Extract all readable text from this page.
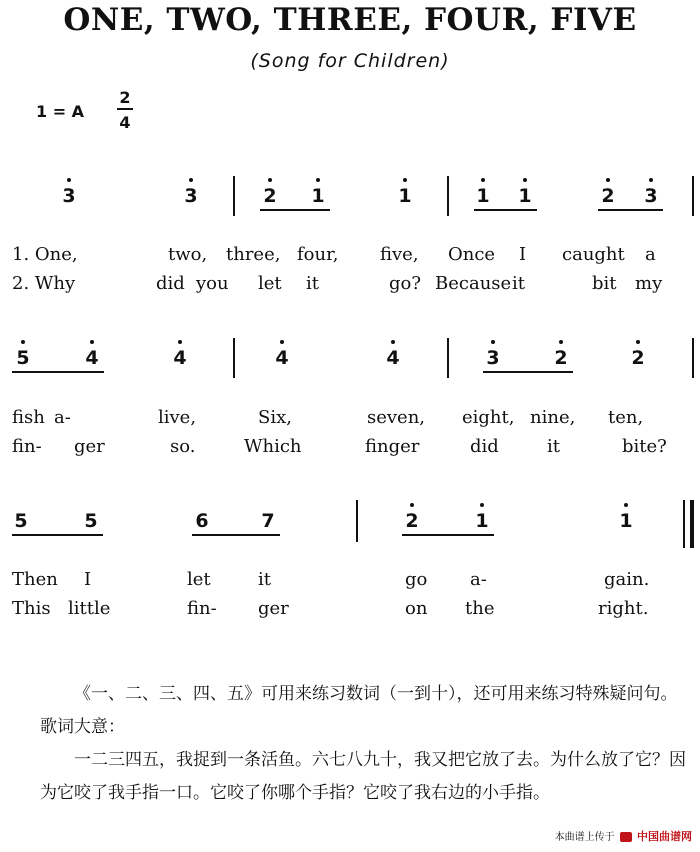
ONE, TWO, THREE, FOUR, FIVE
(Song for Children)
1 = A
2
4
3	3	2 1	1	1 1	2 3
1. One,	two, three, four, five, Once I caught a
2. Why	did you let it	go? Because it	bit my
5	4	4	4	4	3	2	2
fish a-	live,	Six,	seven, eight, nine, ten,
fin- ger	so.	Which	finger	did	it	bite?
5	5	6	7	2	1	1
Then I	let	it	go a-	gain.
This little	fin- ger	on the	right.
《一、二、三、四、五》可用来练习数词（一到十），还可用来练习特殊疑问句。歌词大意：
一二三四五，我捉到一条活鱼。六七八九十，我又把它放了去。为什么放了它？因为它咬了我手指一口。它咬了你哪个手指？它咬了我右边的小手指。
本曲谱上传于 中国曲谱网
